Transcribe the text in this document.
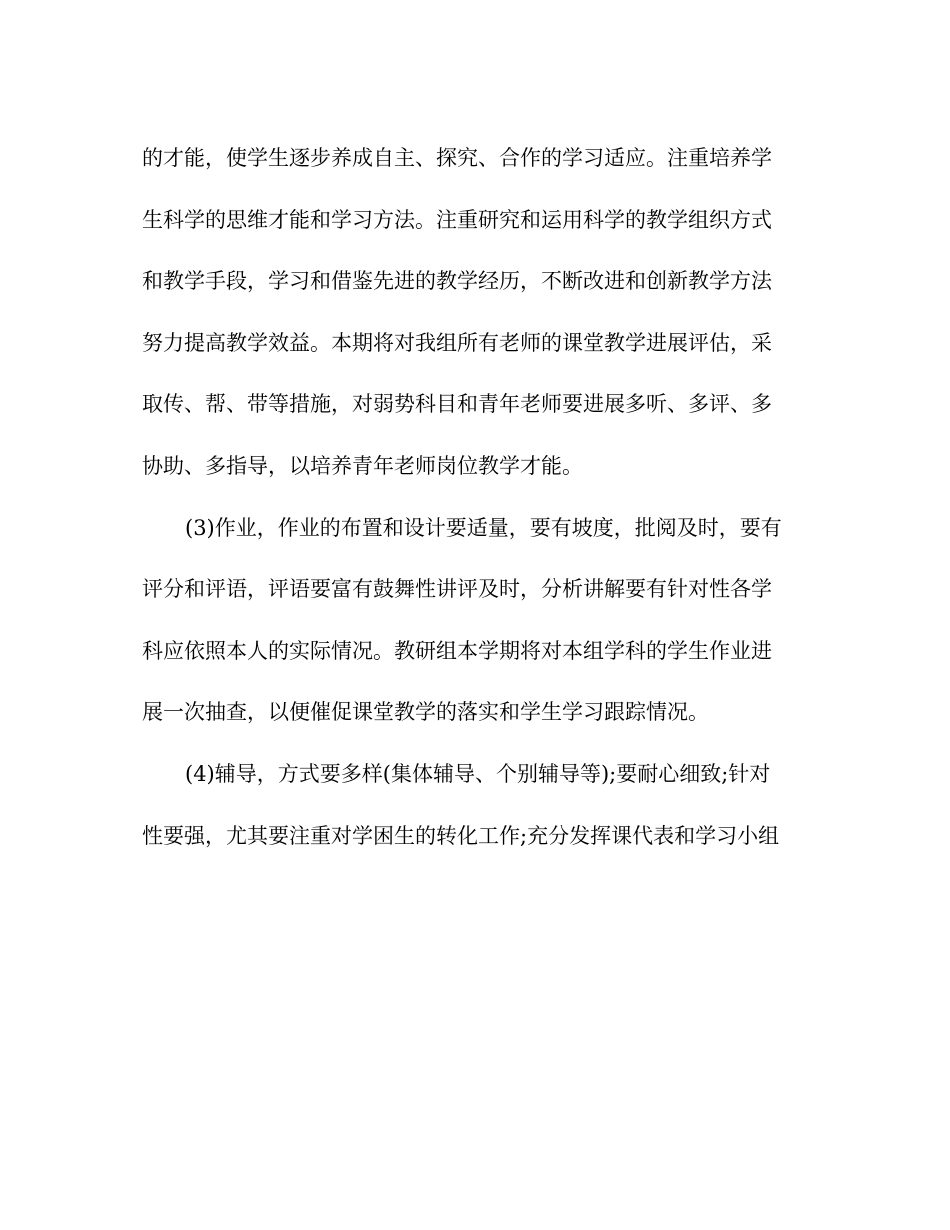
的才能，使学生逐步养成自主、探究、合作的学习适应。注重培养学
生科学的思维才能和学习方法。注重研究和运用科学的教学组织方式
和教学手段，学习和借鉴先进的教学经历，不断改进和创新教学方法
努力提高教学效益。本期将对我组所有老师的课堂教学进展评估，采
取传、帮、带等措施，对弱势科目和青年老师要进展多听、多评、多
协助、多指导，以培养青年老师岗位教学才能。
(3)作业，作业的布置和设计要适量，要有坡度，批阅及时，要有
评分和评语，评语要富有鼓舞性讲评及时，分析讲解要有针对性各学
科应依照本人的实际情况。教研组本学期将对本组学科的学生作业进
展一次抽查，以便催促课堂教学的落实和学生学习跟踪情况。
(4)辅导，方式要多样(集体辅导、个别辅导等);要耐心细致;针对
性要强，尤其要注重对学困生的转化工作;充分发挥课代表和学习小组
